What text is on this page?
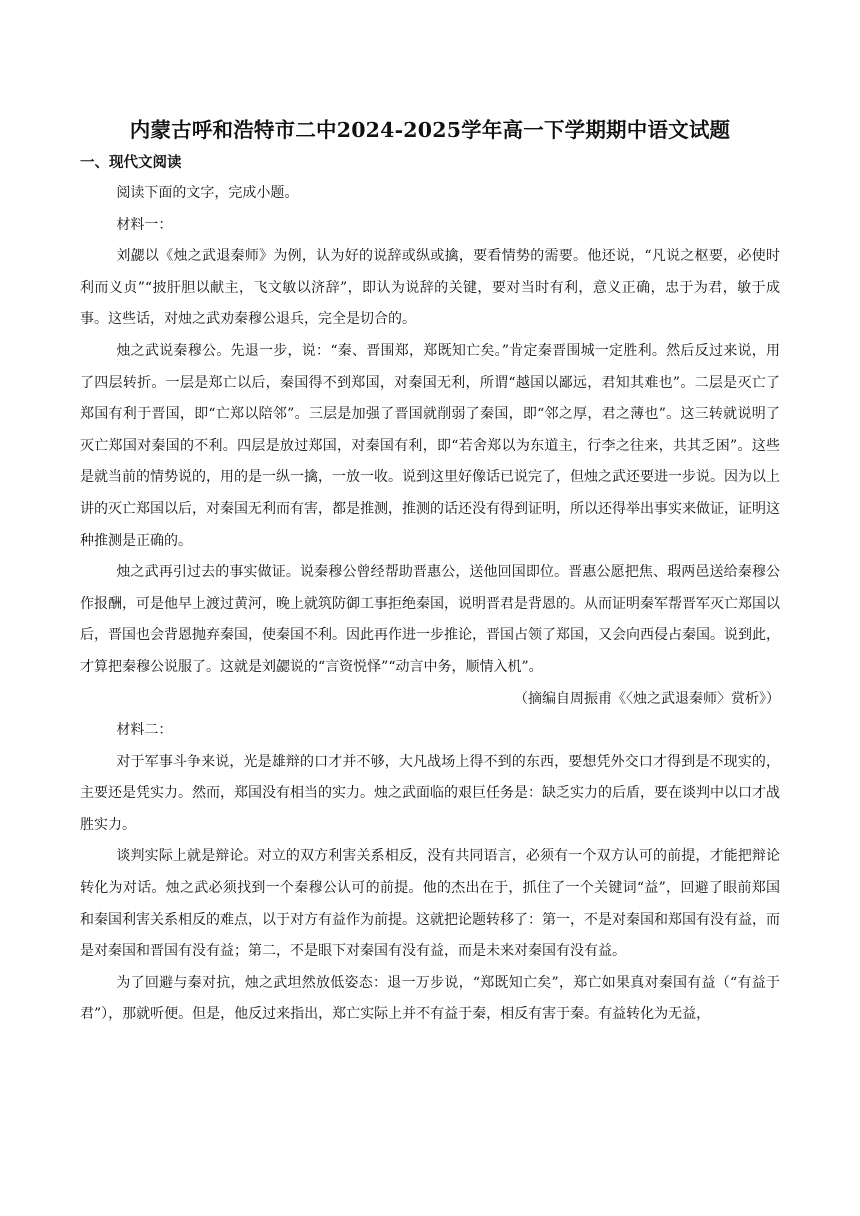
内蒙古呼和浩特市二中2024-2025学年高一下学期期中语文试题
一、现代文阅读

阅读下面的文字，完成小题。

材料一：

刘勰以《烛之武退秦师》为例，认为好的说辞或纵或擒，要看情势的需要。他还说，“凡说之枢要，必使时利而义贞”“披肝胆以献主，飞文敏以济辞”，即认为说辞的关键，要对当时有利，意义正确，忠于为君，敏于成事。这些话，对烛之武劝秦穆公退兵，完全是切合的。

烛之武说秦穆公。先退一步，说：“秦、晋围郑，郑既知亡矣。”肯定秦晋围城一定胜利。然后反过来说，用了四层转折。一层是郑亡以后，秦国得不到郑国，对秦国无利，所谓“越国以鄙远，君知其难也”。二层是灭亡了郑国有利于晋国，即“亡郑以陪邻”。三层是加强了晋国就削弱了秦国，即“邻之厚，君之薄也”。这三转就说明了灭亡郑国对秦国的不利。四层是放过郑国，对秦国有利，即“若舍郑以为东道主，行李之往来，共其乏困”。这些是就当前的情势说的，用的是一纵一擒，一放一收。说到这里好像话已说完了，但烛之武还要进一步说。因为以上讲的灭亡郑国以后，对秦国无利而有害，都是推测，推测的话还没有得到证明，所以还得举出事实来做证，证明这种推测是正确的。

烛之武再引过去的事实做证。说秦穆公曾经帮助晋惠公，送他回国即位。晋惠公愿把焦、瑕两邑送给秦穆公作报酬，可是他早上渡过黄河，晚上就筑防御工事拒绝秦国，说明晋君是背恩的。从而证明秦军帮晋军灭亡郑国以后，晋国也会背恩抛弃秦国，使秦国不利。因此再作进一步推论，晋国占领了郑国，又会向西侵占秦国。说到此，才算把秦穆公说服了。这就是刘勰说的“言资悦怿”“动言中务，顺情入机”。

（摘编自周振甫《〈烛之武退秦师〉赏析》）

材料二：

对于军事斗争来说，光是雄辩的口才并不够，大凡战场上得不到的东西，要想凭外交口才得到是不现实的，主要还是凭实力。然而，郑国没有相当的实力。烛之武面临的艰巨任务是：缺乏实力的后盾，要在谈判中以口才战胜实力。

谈判实际上就是辩论。对立的双方利害关系相反，没有共同语言，必须有一个双方认可的前提，才能把辩论转化为对话。烛之武必须找到一个秦穆公认可的前提。他的杰出在于，抓住了一个关键词“益”，回避了眼前郑国和秦国利害关系相反的难点，以于对方有益作为前提。这就把论题转移了：第一，不是对秦国和郑国有没有益，而是对秦国和晋国有没有益；第二，不是眼下对秦国有没有益，而是未来对秦国有没有益。

为了回避与秦对抗，烛之武坦然放低姿态：退一万步说，“郑既知亡矣”，郑亡如果真对秦国有益（“有益于君”），那就听便。但是，他反过来指出，郑亡实际上并不有益于秦，相反有害于秦。有益转化为无益，
